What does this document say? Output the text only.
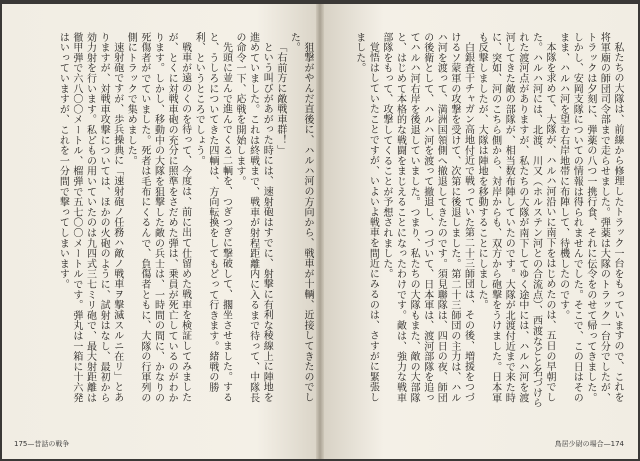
狙撃がやんだ直後に、ハルハ河の方向から、戦車が十輌、近接してきたのでした。

「右前方に敵戦車群！」

という叫びがあがった時には、速射砲はすでに、射撃に有利な稜線上に陣地を進めていました。これは終戦まで、戦車が射程距離内に入るまで待って、中隊長の命令一下、応戦を開始します。

先頭に並んで進んでくる二輌を、つぎつぎに撃破して、擱坐させました。すると、うしろについてきた四輌は、方向転換をしてもどって行きます。緒戦の勝利、というところでしょう。

戦車が遠のくのを待って、今度は、前に出て仕留めた戦車を検証してみましたが、とくに対戦車砲の充分に照準をさだめた弾は、乗員が死亡しているのがわかります。しかし、移動中の大隊を狙撃した敵の兵士は、一時間の間に、かなりの死傷者がでていました。死者は毛布にくるんで、負傷者ともに、大隊の行軍列の側にトラックで集めました。

速射砲ですが、歩兵操典に「速射砲ノ任務ハ敵ノ戦車ヲ撃滅スルニ在リ」とありますが、対戦車攻撃については、ほかの火砲のように、試射はなし、最初から効力射を行います。私どもの用いていたのは九四式三七ミリ砲で、最大射距離は徹甲弾で六八〇〇メートル、榴弾で五七〇〇メートルです。弾丸は一箱に十六発はいっていますが、これを一分間で撃ってしまいます。

175—昔話の戦争

私たちの大隊は、前線から修理したトラック一台をもっていますので、これを将軍廟の師団司令部まで走らせました。弾薬は大隊のトラック一台分でしたが、トラックは夕刻に、弾薬の八つ一携行食、それに伝令をのせて帰ってきました。しかし、安岡支隊についての情報は得られませんでした。そこで、この日はそのまま、ハルハ河を望む右岸地帯に布陣して、待機したのです。

本隊を求めて、大隊が、ハルハ河沿いに南下をはじめたのは、五日の早朝でした。ハルハ河には、北渡、川又（ホルステン河との合流点）、西渡などと名づけられた渡河点がありますが、私たちの大隊が南下してゆく途中には、ハルハ河を渡河してきた敵の部隊が、相当数布陣していたのです。大隊が北渡付近まで来た時に、突如、河のこちら側から、対岸からも、双方から砲撃をうけました。日本軍も反撃しましたが、大隊は陣地を移動することにしました。

白銀査干チャガン高地付近で戦っていた第二十三師団は、その後、増援をつづけるソ蒙軍の攻撃を受けて、次第に後退しました。第二十三師団の主力は、ハルハ河を渡って、満洲国領側へ撤退してきたのです。須見聯隊は、四日の夜、師団の後衛として、ハルハ河を渡って撤退し、つづいて、日本軍は、渡河部隊を追ってハルハ河右岸を後退していました。つまり、私たちの大隊もまた、敵の大部隊と、はじめて本格的な戦闘をまじえることになったわけです。敵は、強力な戦車部隊をもって、攻撃してくることが予想されました。

覚悟はしていたことですが、いよいよ戦車を間近にみるのは、さすがに緊張しました。

鳥居少尉の場合—174
